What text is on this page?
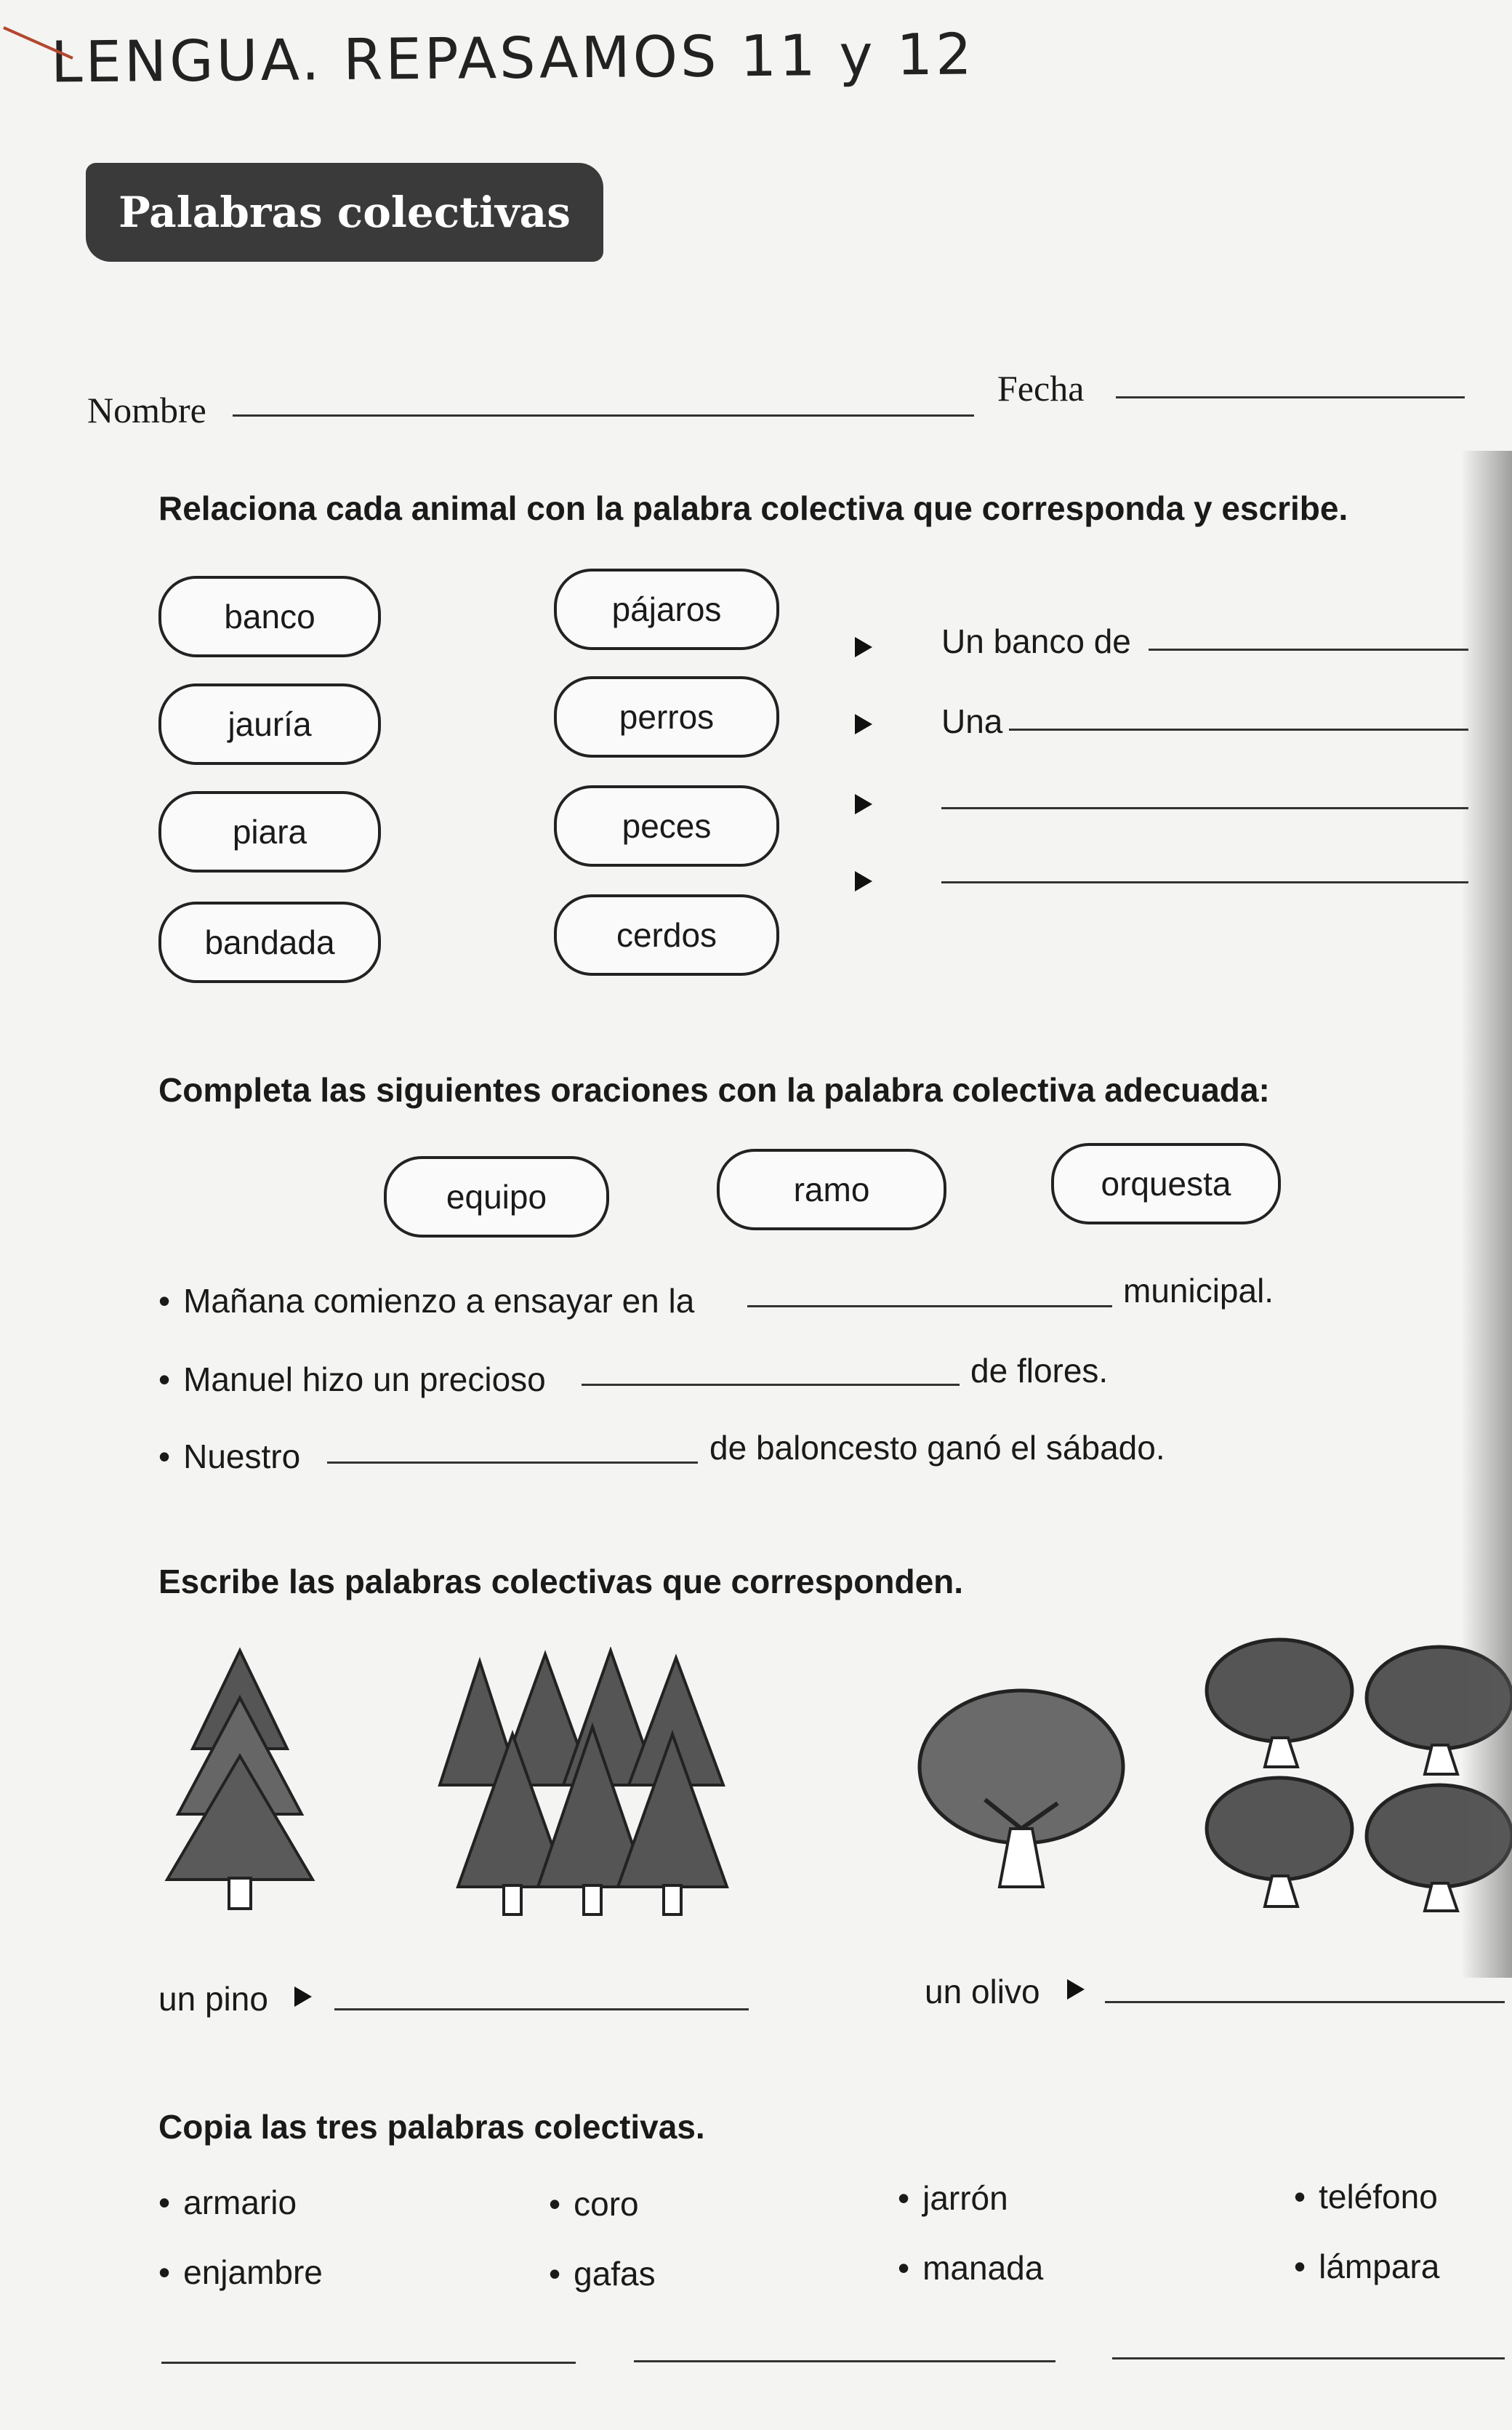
LENGUA. REPASAMOS 11 y 12
Palabras colectivas
Nombre
Fecha
Relaciona cada animal con la palabra colectiva que corresponda y escribe.
banco
jauría
piara
bandada
pájaros
perros
peces
cerdos
Un banco de
Una
Completa las siguientes oraciones con la palabra colectiva adecuada:
equipo	ramo	orquesta
• Mañana comienzo a ensayar en la	municipal.
• Manuel hizo un precioso	de flores.
• Nuestro	de baloncesto ganó el sábado.
Escribe las palabras colectivas que corresponden.
un pino	un olivo
Copia las tres palabras colectivas.
• armario	• coro	• jarrón	• teléfono
• enjambre	• gafas	• manada	• lámpara
